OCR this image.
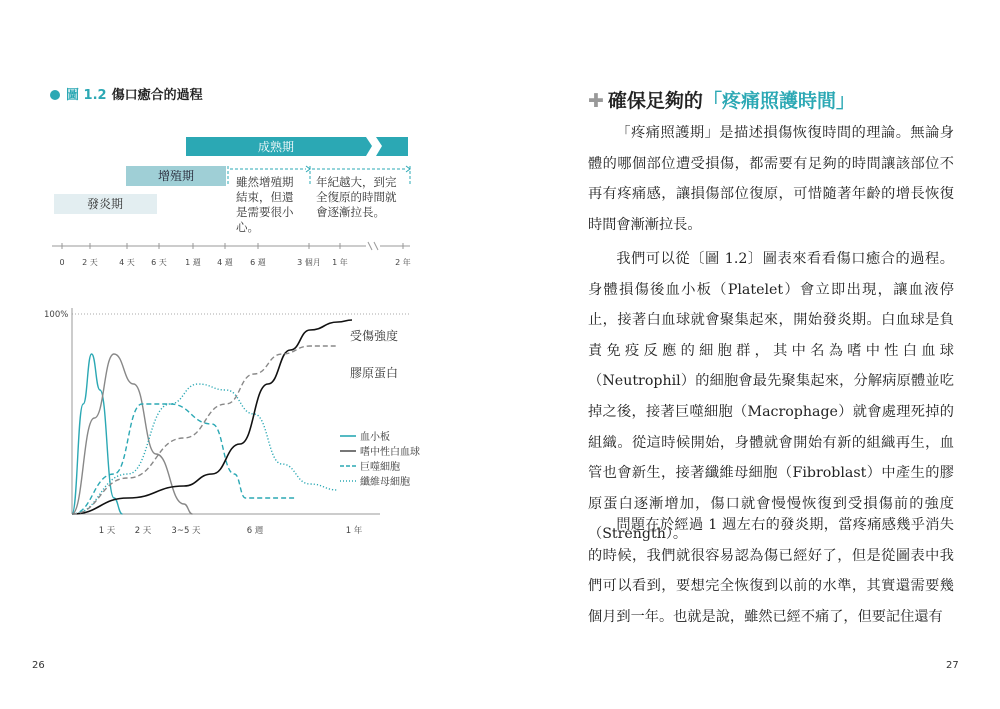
圖 1.2 傷口癒合的過程
發炎期
增殖期
成熟期
雖然增殖期
結束，但還
是需要很小
心。
年紀越大，到完
全復原的時間就
會逐漸拉長。
0 2 天	4 天 6 天 1 週 4 週 6 週	3 個月 1 年	2 年
100%
1 天 2 天 3~5 天	6 週	1 年
受傷強度
膠原蛋白
血小板
嗜中性白血球
巨噬細胞
纖維母細胞
26
✚ 確保足夠的「疼痛照護時間」

「疼痛照護期」是描述損傷恢復時間的理論。無論身體的哪個部位遭受損傷，都需要有足夠的時間讓該部位不再有疼痛感，讓損傷部位復原，可惜隨著年齡的增長恢復時間會漸漸拉長。

我們可以從〔圖 1.2〕圖表來看看傷口癒合的過程。身體損傷後血小板（Platelet）會立即出現，讓血液停止，接著白血球就會聚集起來，開始發炎期。白血球是負責免疫反應的細胞群，其中名為嗜中性白血球（Neutrophil）的細胞會最先聚集起來，分解病原體並吃掉之後，接著巨噬細胞（Macrophage）就會處理死掉的組織。從這時候開始，身體就會開始有新的組織再生，血管也會新生，接著纖維母細胞（Fibroblast）中產生的膠原蛋白逐漸增加，傷口就會慢慢恢復到受損傷前的強度（Strength）。

問題在於經過 1 週左右的發炎期，當疼痛感幾乎消失的時候，我們就很容易認為傷已經好了，但是從圖表中我們可以看到，要想完全恢復到以前的水準，其實還需要幾個月到一年。也就是說，雖然已經不痛了，但要記住還有

27
